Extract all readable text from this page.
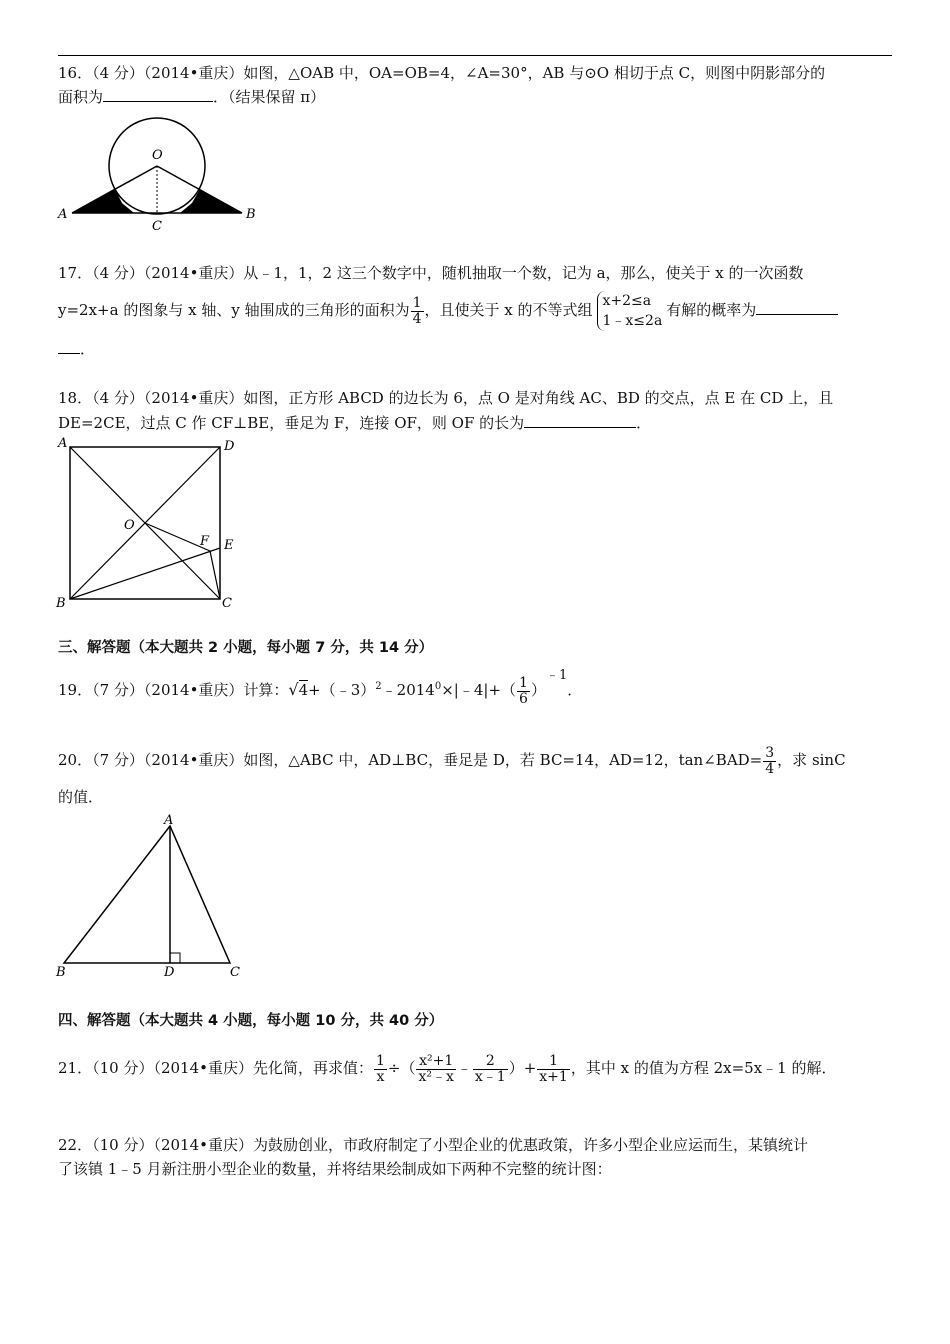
16．（4 分）（2014•重庆）如图，△OAB 中，OA=OB=4，∠A=30°，AB 与⊙O 相切于点 C，则图中阴影部分的
面积为	．（结果保留 π）
O
A	B
C
17．（4 分）（2014•重庆）从﹣1，1，2 这三个数字中，随机抽取一个数，记为 a，那么，使关于 x 的一次函数
y=2x+a 的图象与 x 轴、y 轴围成的三角形的面积为 $\frac{1}{4}$ ，且使关于 x 的不等式组 x+2≤a
1﹣x≤2a
有解的概率为
．
18．（4 分）（2014•重庆）如图，正方形 ABCD 的边长为 6，点 O 是对角线 AC、BD 的交点，点 E 在 CD 上，且
DE=2CE，过点 C 作 CF⊥BE，垂足为 F，连接 OF，则 OF 的长为	．
A	D
B	C
O
E
F
三、解答题（本大题共 2 小题，每小题 7 分，共 14 分）
19．（7 分）（2014•重庆）计算：$√4+(﹣3)^2﹣2014^0\times|﹣4|+( \frac{1}{6} )^{﹣1}$．
20．（7 分）（2014•重庆）如图，△ABC 中，AD⊥BC，垂足是 D，若 BC=14，AD=12，tan∠BAD= $\frac{3}{4}$ ，求 sinC
的值．
A
B	D	C
四、解答题（本大题共 4 小题，每小题 10 分，共 40 分）
21．（10 分）（2014•重庆）先化简，再求值： $\frac{1}{x}$ ÷（ $\frac{\text{x²+1}}{\text{x²﹣x}}$ ﹣ $\frac{2}{x﹣1}$ ）+ $\frac{1}{x+1}$ ，其中 x 的值为方程 2x=5x﹣1 的解．
22．（10 分）（2014•重庆）为鼓励创业，市政府制定了小型企业的优惠政策，许多小型企业应运而生，某镇统计
了该镇 1﹣5 月新注册小型企业的数量，并将结果绘制成如下两种不完整的统计图：
